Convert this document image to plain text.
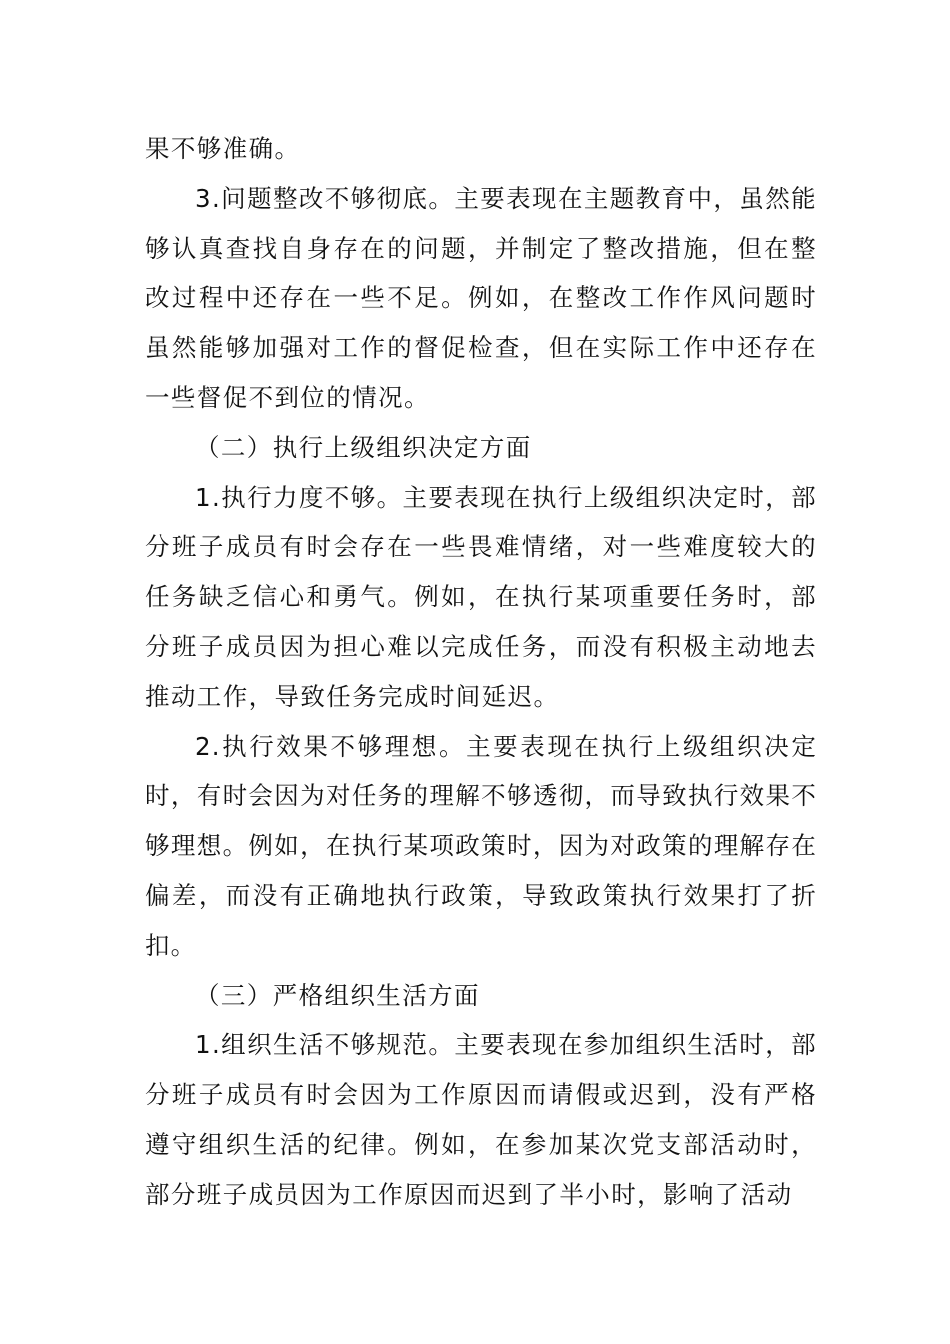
果不够准确。

3.问题整改不够彻底。主要表现在主题教育中，虽然能够认真查找自身存在的问题，并制定了整改措施，但在整改过程中还存在一些不足。例如，在整改工作作风问题时虽然能够加强对工作的督促检查，但在实际工作中还存在一些督促不到位的情况。

（二）执行上级组织决定方面

1.执行力度不够。主要表现在执行上级组织决定时，部分班子成员有时会存在一些畏难情绪，对一些难度较大的任务缺乏信心和勇气。例如，在执行某项重要任务时，部分班子成员因为担心难以完成任务，而没有积极主动地去推动工作，导致任务完成时间延迟。

2.执行效果不够理想。主要表现在执行上级组织决定时，有时会因为对任务的理解不够透彻，而导致执行效果不够理想。例如，在执行某项政策时，因为对政策的理解存在偏差，而没有正确地执行政策，导致政策执行效果打了折扣。

（三）严格组织生活方面

1.组织生活不够规范。主要表现在参加组织生活时，部分班子成员有时会因为工作原因而请假或迟到，没有严格遵守组织生活的纪律。例如，在参加某次党支部活动时，部分班子成员因为工作原因而迟到了半小时，影响了活动
